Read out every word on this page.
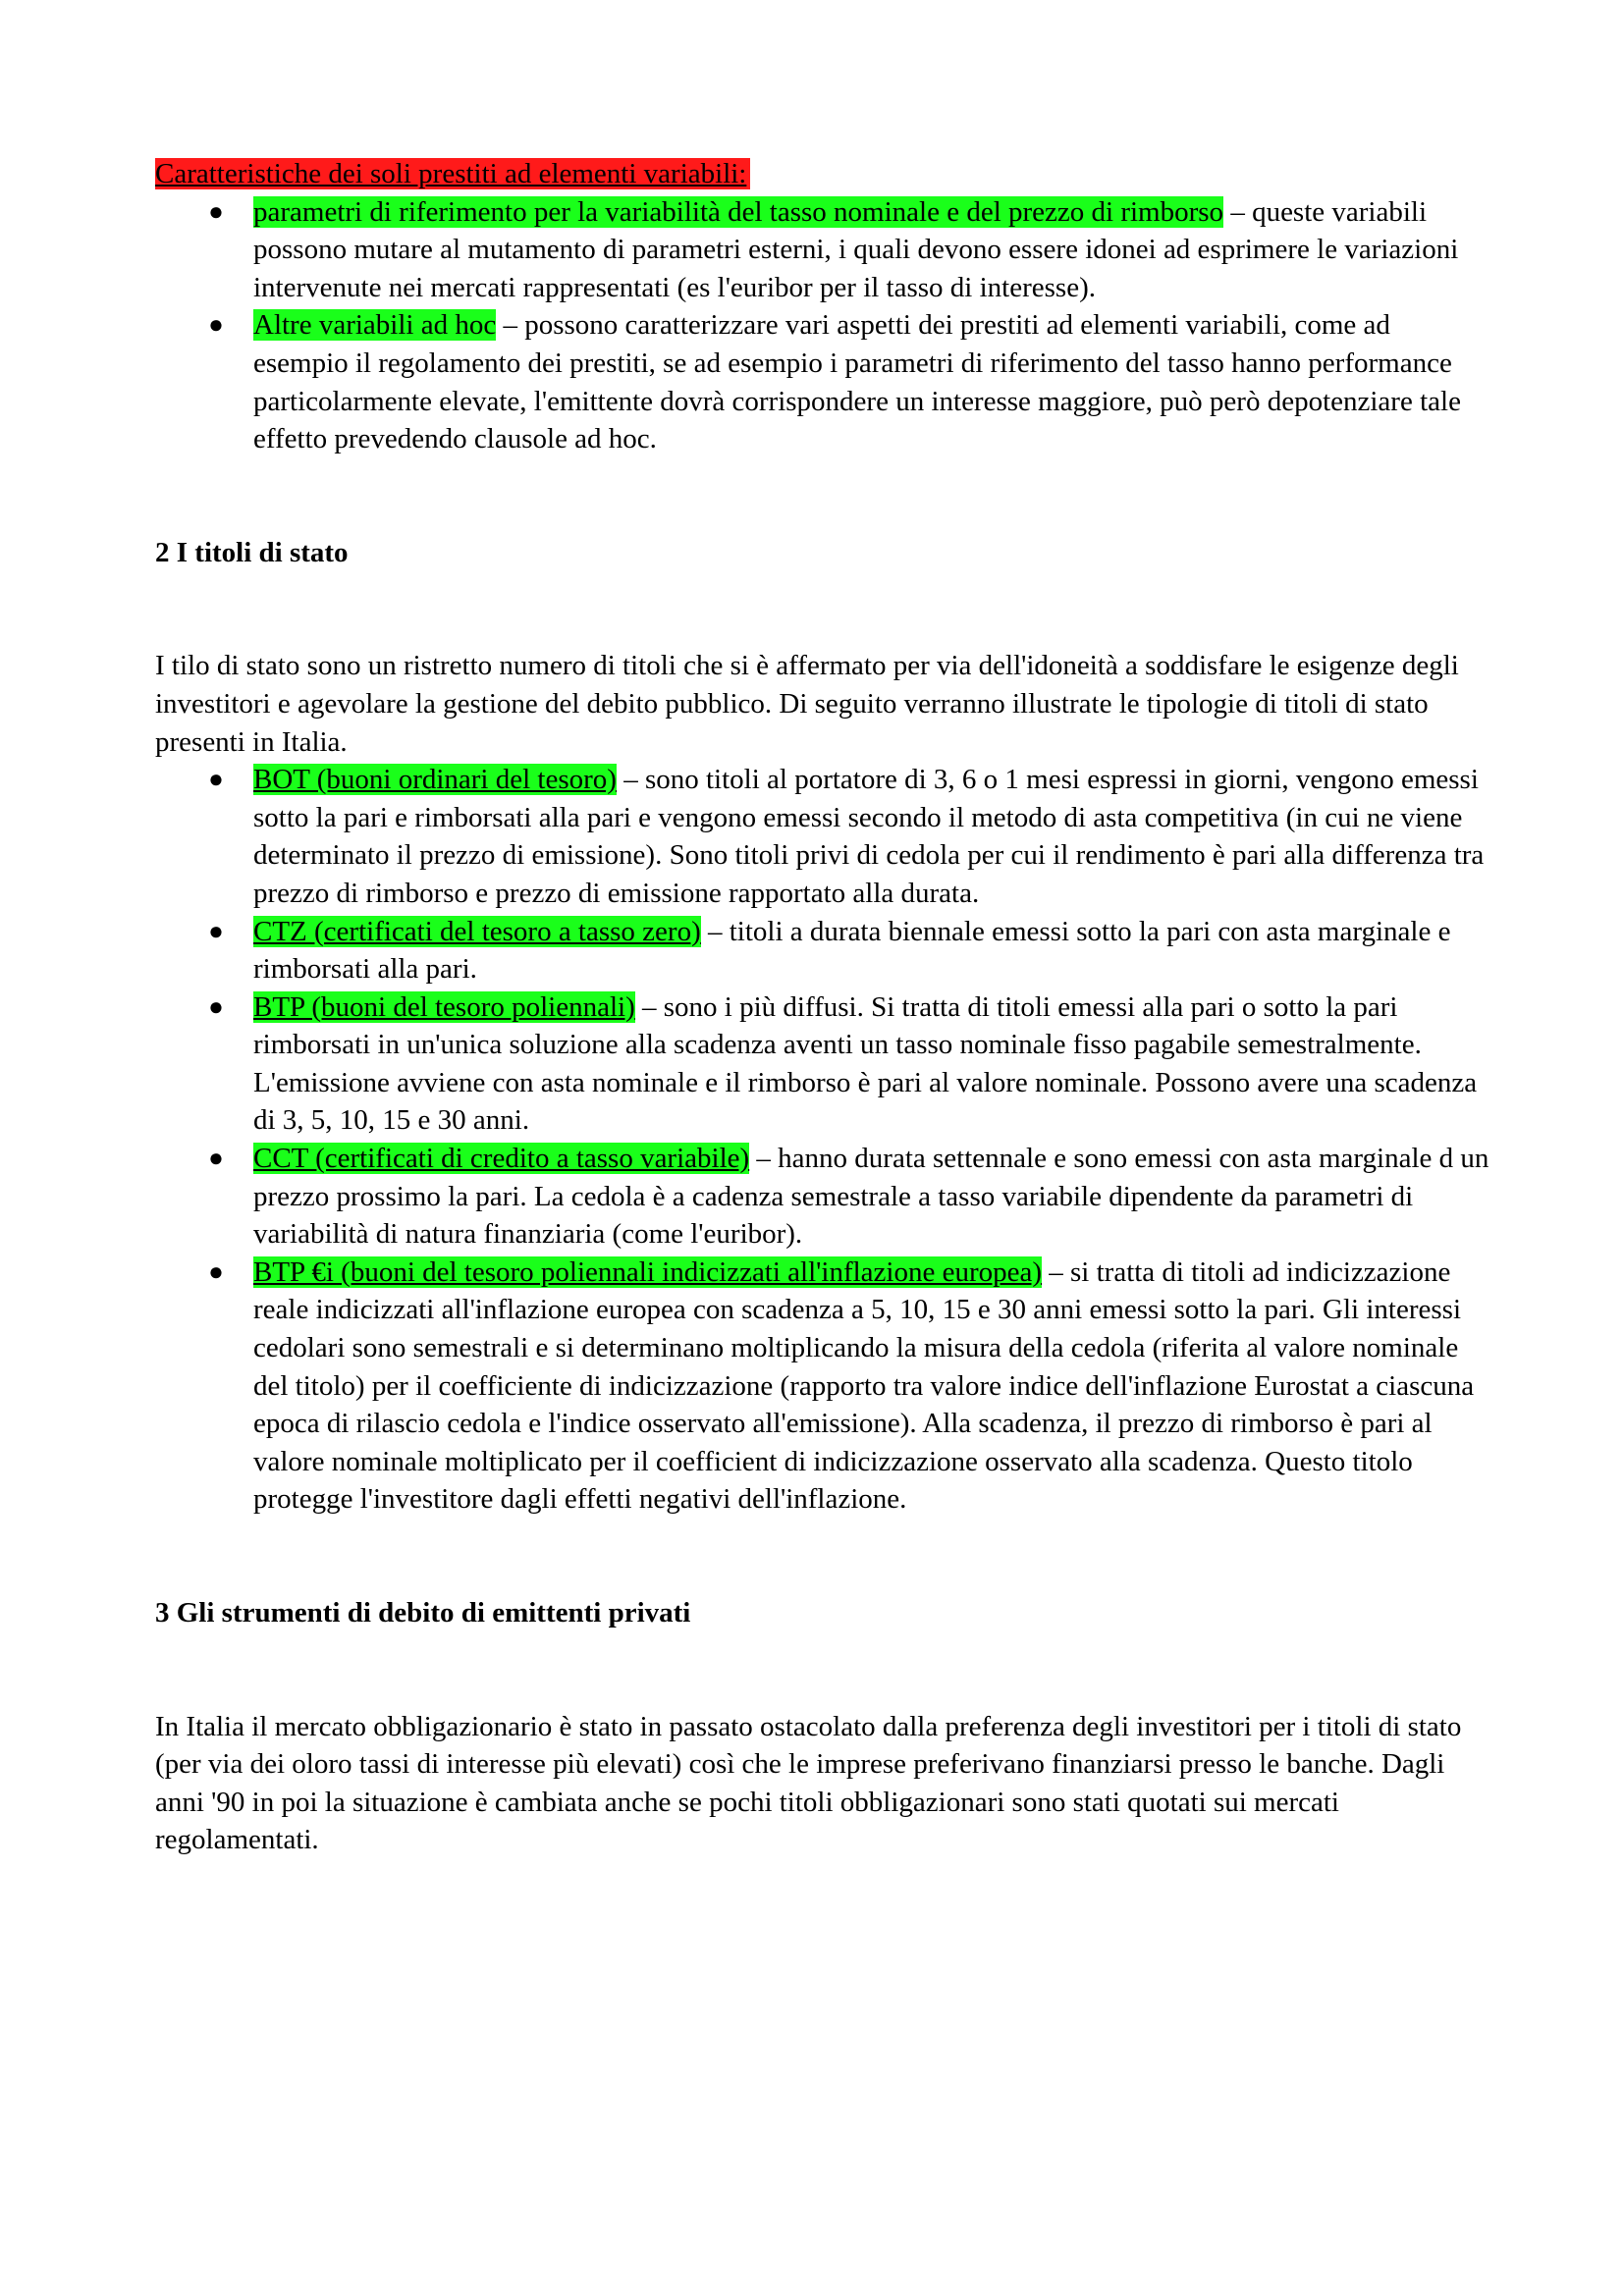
Caratteristiche dei soli prestiti ad elementi variabili:
● parametri di riferimento per la variabilità del tasso nominale e del prezzo di rimborso – queste variabili possono mutare al mutamento di parametri esterni, i quali devono essere idonei ad esprimere le variazioni intervenute nei mercati rappresentati (es l'euribor per il tasso di interesse).
● Altre variabili ad hoc – possono caratterizzare vari aspetti dei prestiti ad elementi variabili, come ad esempio il regolamento dei prestiti, se ad esempio i parametri di riferimento del tasso hanno performance particolarmente elevate, l'emittente dovrà corrispondere un interesse maggiore, può però depotenziare tale effetto prevedendo clausole ad hoc.
2 I titoli di stato

I tilo di stato sono un ristretto numero di titoli che si è affermato per via dell'idoneità a soddisfare le esigenze degli investitori e agevolare la gestione del debito pubblico. Di seguito verranno illustrate le tipologie di titoli di stato presenti in Italia.

● BOT (buoni ordinari del tesoro) – sono titoli al portatore di 3, 6 o 1 mesi espressi in giorni, vengono emessi sotto la pari e rimborsati alla pari e vengono emessi secondo il metodo di asta competitiva (in cui ne viene determinato il prezzo di emissione). Sono titoli privi di cedola per cui il rendimento è pari alla differenza tra prezzo di rimborso e prezzo di emissione rapportato alla durata.
● CTZ (certificati del tesoro a tasso zero) – titoli a durata biennale emessi sotto la pari con asta marginale e rimborsati alla pari.
● BTP (buoni del tesoro poliennali) – sono i più diffusi. Si tratta di titoli emessi alla pari o sotto la pari rimborsati in un'unica soluzione alla scadenza aventi un tasso nominale fisso pagabile semestralmente. L'emissione avviene con asta nominale e il rimborso è pari al valore nominale. Possono avere una scadenza di 3, 5, 10, 15 e 30 anni.
● CCT (certificati di credito a tasso variabile) – hanno durata settennale e sono emessi con asta marginale d un prezzo prossimo la pari. La cedola è a cadenza semestrale a tasso variabile dipendente da parametri di variabilità di natura finanziaria (come l'euribor).
● BTP €i (buoni del tesoro poliennali indicizzati all'inflazione europea) – si tratta di titoli ad indicizzazione reale indicizzati all'inflazione europea con scadenza a 5, 10, 15 e 30 anni emessi sotto la pari. Gli interessi cedolari sono semestrali e si determinano moltiplicando la misura della cedola (riferita al valore nominale del titolo) per il coefficiente di indicizzazione (rapporto tra valore indice dell'inflazione Eurostat a ciascuna epoca di rilascio cedola e l'indice osservato all'emissione). Alla scadenza, il prezzo di rimborso è pari al valore nominale moltiplicato per il coefficient di indicizzazione osservato alla scadenza. Questo titolo protegge l'investitore dagli effetti negativi dell'inflazione.
3 Gli strumenti di debito di emittenti privati

In Italia il mercato obbligazionario è stato in passato ostacolato dalla preferenza degli investitori per i titoli di stato (per via dei oloro tassi di interesse più elevati) così che le imprese preferivano finanziarsi presso le banche. Dagli anni '90 in poi la situazione è cambiata anche se pochi titoli obbligazionari sono stati quotati sui mercati regolamentati.
